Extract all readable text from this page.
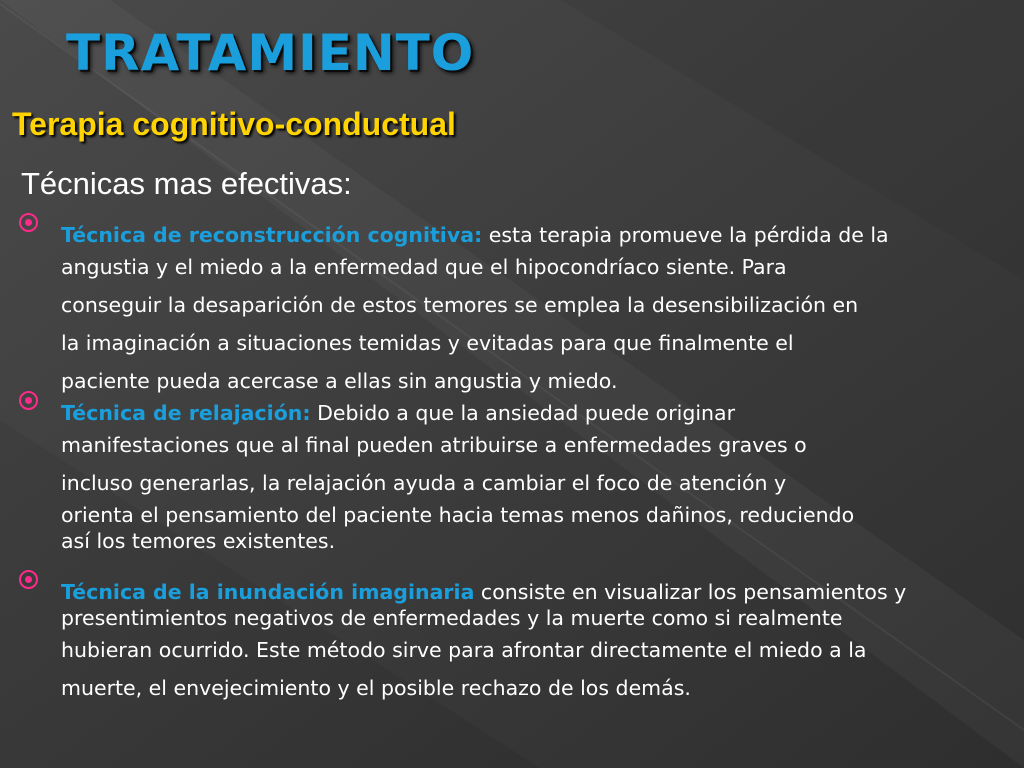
TRATAMIENTO
Terapia cognitivo-conductual
Técnicas mas efectivas:
Técnica de reconstrucción cognitiva: esta terapia promueve la pérdida de la
angustia y el miedo a la enfermedad que el hipocondríaco siente. Para
conseguir la desaparición de estos temores se emplea la desensibilización en
la imaginación a situaciones temidas y evitadas para que finalmente el
paciente pueda acercase a ellas sin angustia y miedo.
Técnica de relajación: Debido a que la ansiedad puede originar
manifestaciones que al final pueden atribuirse a enfermedades graves o
incluso generarlas, la relajación ayuda a cambiar el foco de atención y
orienta el pensamiento del paciente hacia temas menos dañinos, reduciendo
así los temores existentes.
Técnica de la inundación imaginaria consiste en visualizar los pensamientos y
presentimientos negativos de enfermedades y la muerte como si realmente
hubieran ocurrido. Este método sirve para afrontar directamente el miedo a la
muerte, el envejecimiento y el posible rechazo de los demás.
